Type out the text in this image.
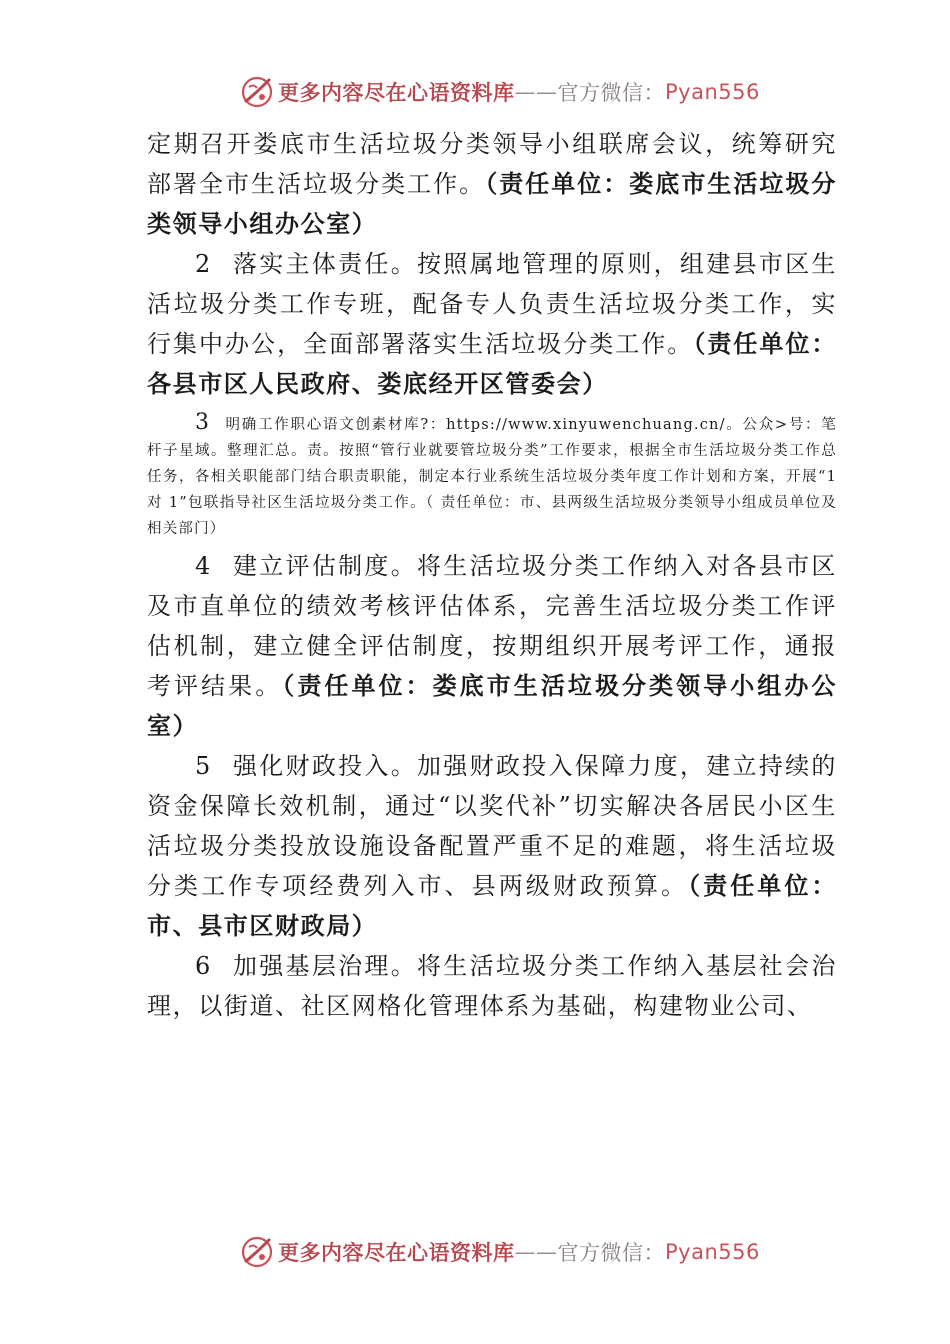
更多内容尽在心语资料库 —— 官方微信： Pyan556

定期召开娄底市生活垃圾分类领导小组联席会议，统筹研究部署全市生活垃圾分类工作。（责任单位：娄底市生活垃圾分类领导小组办公室）

2 落实主体责任。按照属地管理的原则，组建县市区生活垃圾分类工作专班，配备专人负责生活垃圾分类工作，实行集中办公，全面部署落实生活垃圾分类工作。（责任单位：各县市区人民政府、娄底经开区管委会）

3 明确工作职心语文创素材库?：https://www.xinyuwenchuang.cn/。公众>号：笔杆子星域。整理汇总。责。按照“管行业就要管垃圾分类”工作要求，根据全市生活垃圾分类工作总任务，各相关职能部门结合职责职能，制定本行业系统生活垃圾分类年度工作计划和方案，开展“1 对 1”包联指导社区生活垃圾分类工作。（ 责任单位：市、县两级生活垃圾分类领导小组成员单位及相关部门）

4 建立评估制度。将生活垃圾分类工作纳入对各县市区及市直单位的绩效考核评估体系，完善生活垃圾分类工作评 估机制，建立健全评估制度，按期组织开展考评工作，通报 考评结果。（责任单位：娄底市生活垃圾分类领导小组办公室）

5 强化财政投入。加强财政投入保障力度，建立持续的资金保障长效机制，通过“以奖代补”切实解决各居民小区生活垃圾分类投放设施设备配置严重不足的难题，将生活垃圾分类工作专项经费列入市、县两级财政预算。（责任单位：市、县市区财政局）

6 加强基层治理。将生活垃圾分类工作纳入基层社会治理，以街道、社区网格化管理体系为基础，构建物业公司、

更多内容尽在心语资料库 —— 官方微信： Pyan556
